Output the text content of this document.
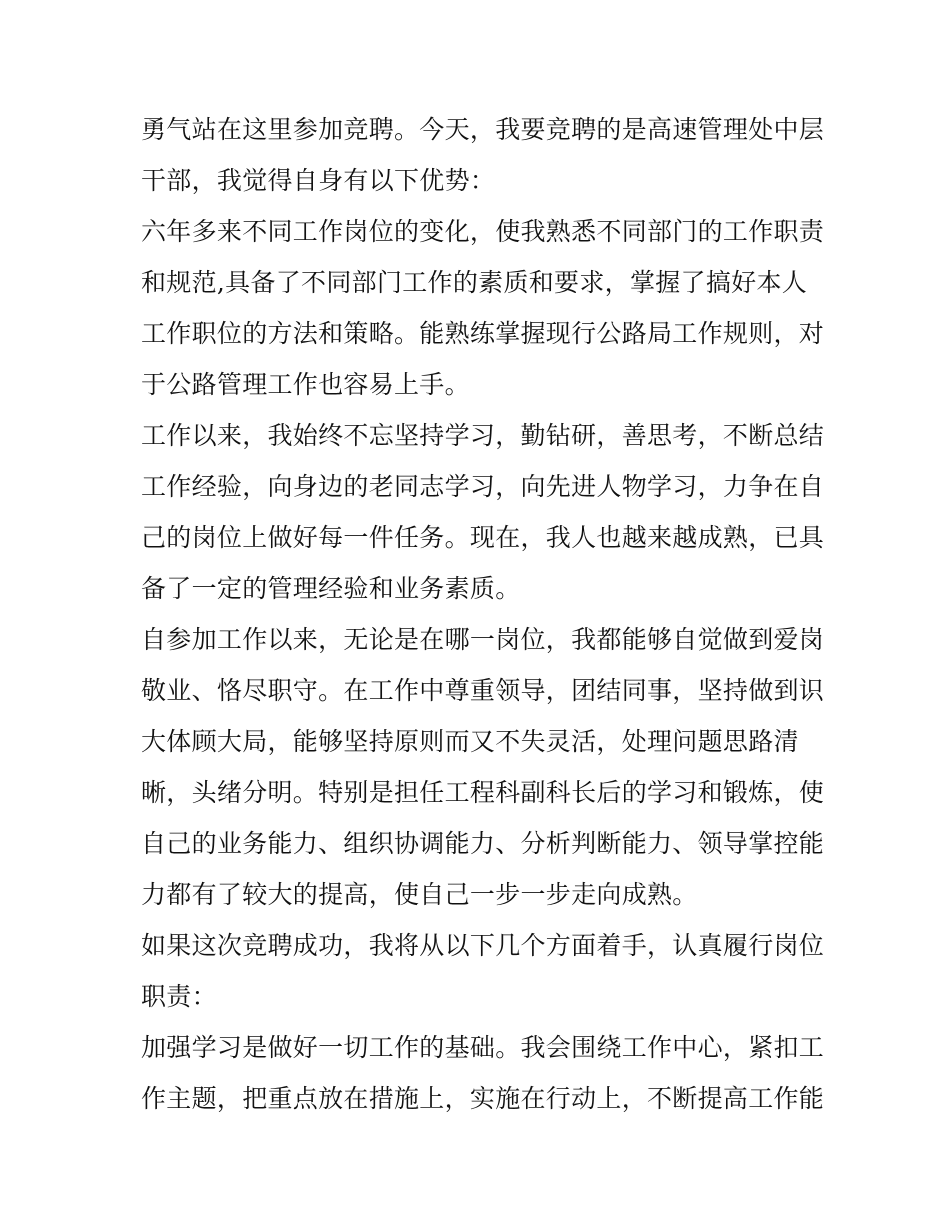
勇气站在这里参加竞聘。今天，我要竞聘的是高速管理处中层
干部，我觉得自身有以下优势：
六年多来不同工作岗位的变化，使我熟悉不同部门的工作职责
和规范,具备了不同部门工作的素质和要求，掌握了搞好本人
工作职位的方法和策略。能熟练掌握现行公路局工作规则，对
于公路管理工作也容易上手。
工作以来，我始终不忘坚持学习，勤钻研，善思考，不断总结
工作经验，向身边的老同志学习，向先进人物学习，力争在自
己的岗位上做好每一件任务。现在，我人也越来越成熟，已具
备了一定的管理经验和业务素质。
自参加工作以来，无论是在哪一岗位，我都能够自觉做到爱岗
敬业、恪尽职守。在工作中尊重领导，团结同事，坚持做到识
大体顾大局，能够坚持原则而又不失灵活，处理问题思路清
晰，头绪分明。特别是担任工程科副科长后的学习和锻炼，使
自己的业务能力、组织协调能力、分析判断能力、领导掌控能
力都有了较大的提高，使自己一步一步走向成熟。
如果这次竞聘成功，我将从以下几个方面着手，认真履行岗位
职责：
加强学习是做好一切工作的基础。我会围绕工作中心，紧扣工
作主题，把重点放在措施上，实施在行动上，不断提高工作能
